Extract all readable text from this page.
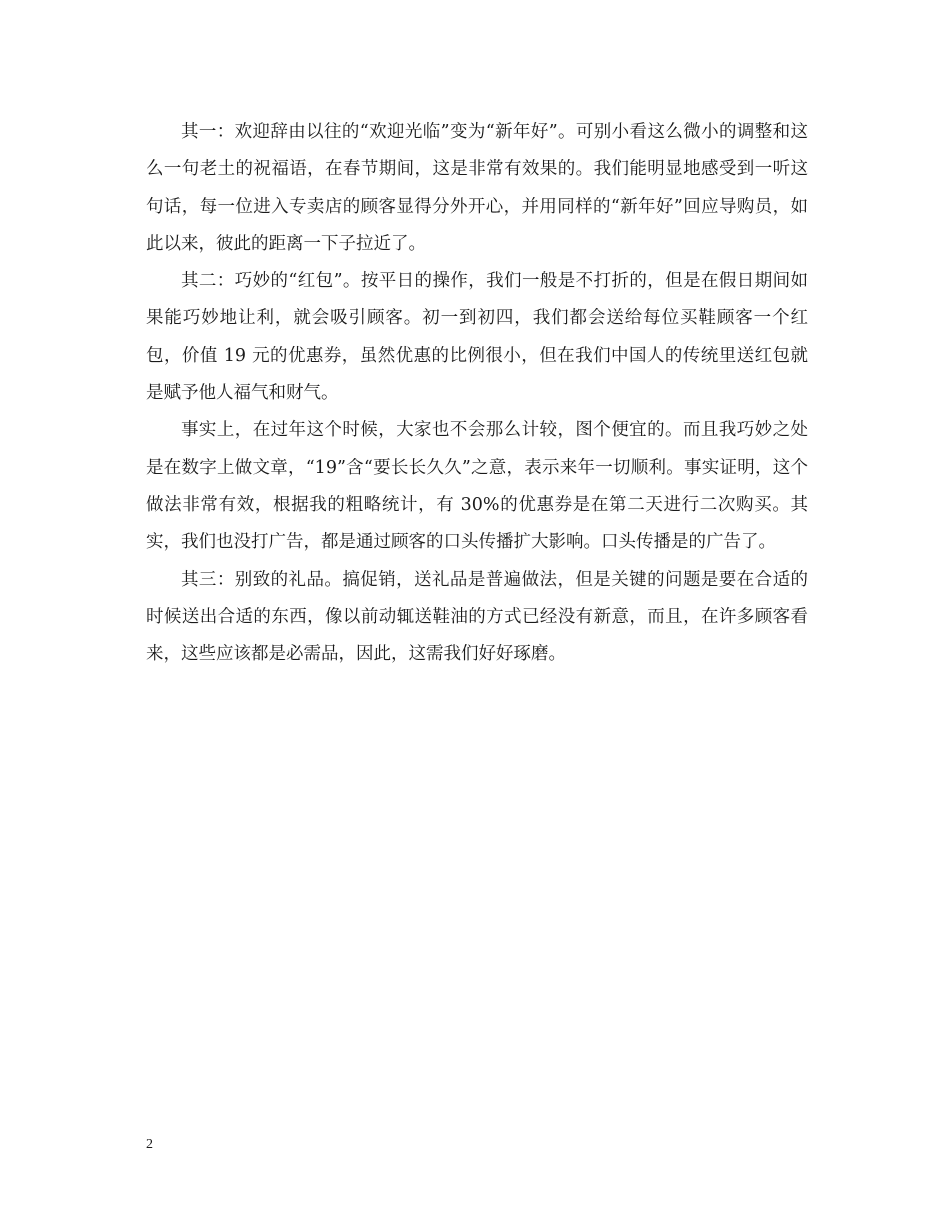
其一：欢迎辞由以往的“欢迎光临”变为“新年好”。可别小看这么微小的调整和这么一句老土的祝福语，在春节期间，这是非常有效果的。我们能明显地感受到一听这句话，每一位进入专卖店的顾客显得分外开心，并用同样的“新年好”回应导购员，如此以来，彼此的距离一下子拉近了。

其二：巧妙的“红包”。按平日的操作，我们一般是不打折的，但是在假日期间如果能巧妙地让利，就会吸引顾客。初一到初四，我们都会送给每位买鞋顾客一个红包，价值 19 元的优惠券，虽然优惠的比例很小，但在我们中国人的传统里送红包就是赋予他人福气和财气。

事实上，在过年这个时候，大家也不会那么计较，图个便宜的。而且我巧妙之处是在数字上做文章，“19”含“要长长久久”之意，表示来年一切顺利。事实证明，这个做法非常有效，根据我的粗略统计，有 30%的优惠券是在第二天进行二次购买。其实，我们也没打广告，都是通过顾客的口头传播扩大影响。口头传播是的广告了。

其三：别致的礼品。搞促销，送礼品是普遍做法，但是关键的问题是要在合适的时候送出合适的东西，像以前动辄送鞋油的方式已经没有新意，而且，在许多顾客看来，这些应该都是必需品，因此，这需我们好好琢磨。

2
